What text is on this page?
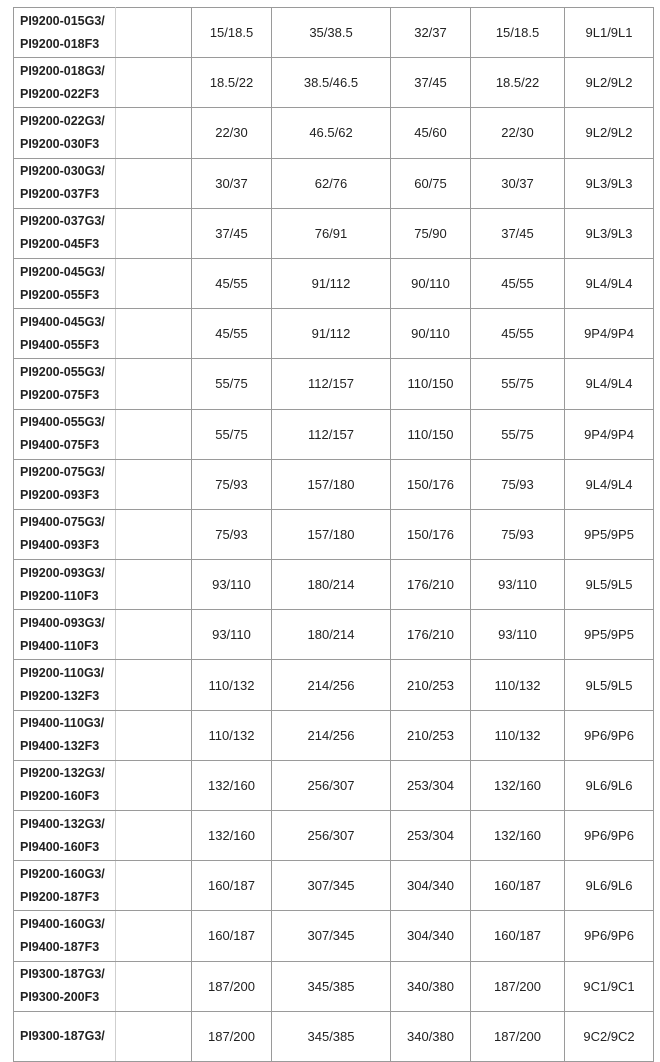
PI9200-015G3/
PI9200-018F3		15/18.5	35/38.5	32/37	15/18.5	9L1/9L1

PI9200-018G3/
PI9200-022F3		18.5/22	38.5/46.5	37/45	18.5/22	9L2/9L2

PI9200-022G3/
PI9200-030F3		22/30	46.5/62	45/60	22/30	9L2/9L2

PI9200-030G3/
PI9200-037F3		30/37	62/76	60/75	30/37	9L3/9L3

PI9200-037G3/
PI9200-045F3		37/45	76/91	75/90	37/45	9L3/9L3

PI9200-045G3/
PI9200-055F3		45/55	91/112	90/110	45/55	9L4/9L4

PI9400-045G3/
PI9400-055F3		45/55	91/112	90/110	45/55	9P4/9P4

PI9200-055G3/
PI9200-075F3		55/75	112/157	110/150	55/75	9L4/9L4

PI9400-055G3/
PI9400-075F3		55/75	112/157	110/150	55/75	9P4/9P4

PI9200-075G3/
PI9200-093F3		75/93	157/180	150/176	75/93	9L4/9L4

PI9400-075G3/
PI9400-093F3		75/93	157/180	150/176	75/93	9P5/9P5

PI9200-093G3/
PI9200-110F3		93/110	180/214	176/210	93/110	9L5/9L5

PI9400-093G3/
PI9400-110F3		93/110	180/214	176/210	93/110	9P5/9P5

PI9200-110G3/
PI9200-132F3		110/132	214/256	210/253	110/132	9L5/9L5

PI9400-110G3/
PI9400-132F3		110/132	214/256	210/253	110/132	9P6/9P6

PI9200-132G3/
PI9200-160F3		132/160	256/307	253/304	132/160	9L6/9L6

PI9400-132G3/
PI9400-160F3		132/160	256/307	253/304	132/160	9P6/9P6

PI9200-160G3/
PI9200-187F3		160/187	307/345	304/340	160/187	9L6/9L6

PI9400-160G3/
PI9400-187F3		160/187	307/345	304/340	160/187	9P6/9P6

PI9300-187G3/
PI9300-200F3		187/200	345/385	340/380	187/200	9C1/9C1

PI9300-187G3/		187/200	345/385	340/380	187/200	9C2/9C2
